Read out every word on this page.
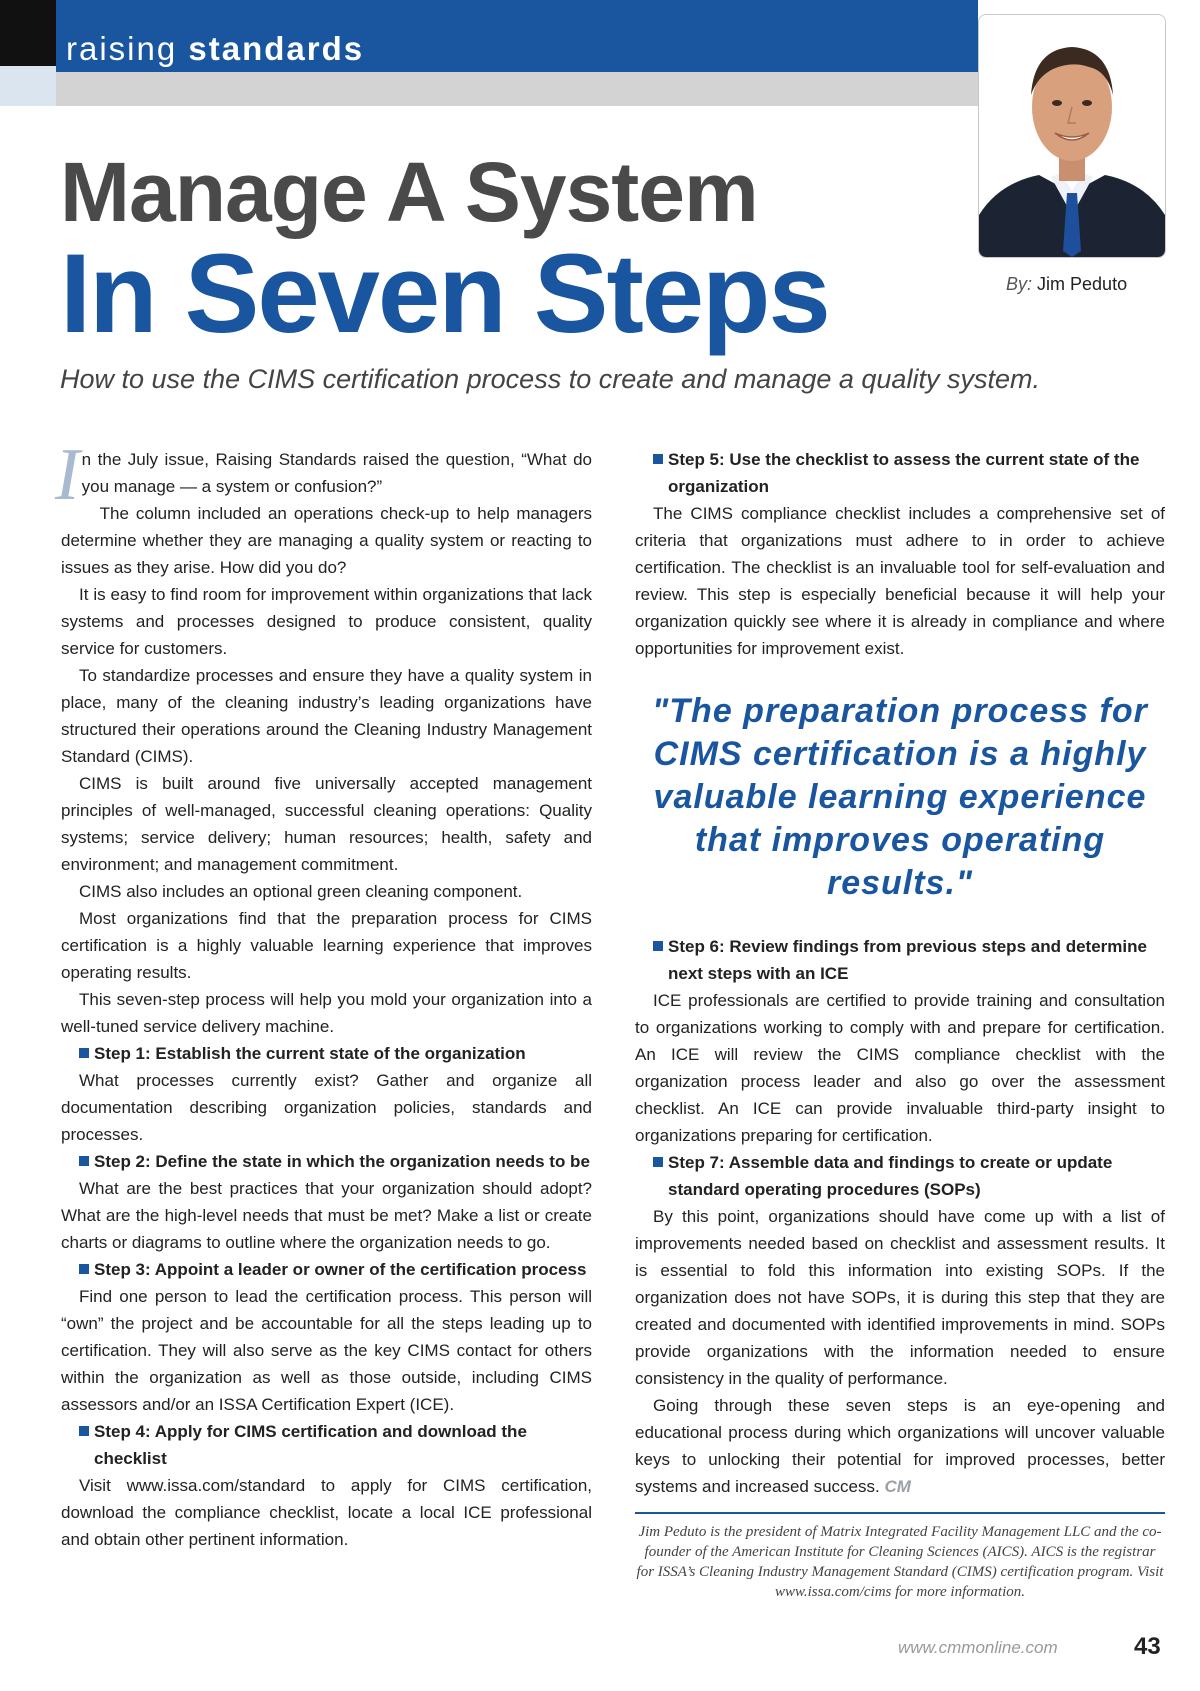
raising standards
By: Jim Peduto
Manage A System
In Seven Steps
How to use the CIMS certification process to create and manage a quality system.

In the July issue, Raising Standards raised the question, “What do you manage — a system or confusion?”

The column included an operations check-up to help managers determine whether they are managing a quality system or reacting to issues as they arise. How did you do?

It is easy to find room for improvement within organizations that lack systems and processes designed to produce consistent, quality service for customers.

To standardize processes and ensure they have a quality system in place, many of the cleaning industry’s leading organizations have structured their operations around the Cleaning Industry Management Standard (CIMS).

CIMS is built around five universally accepted management principles of well-managed, successful cleaning operations: Quality systems; service delivery; human resources; health, safety and environment; and management commitment.

CIMS also includes an optional green cleaning component.

Most organizations find that the preparation process for CIMS certification is a highly valuable learning experience that improves operating results.

This seven-step process will help you mold your organization into a well-tuned service delivery machine.

Step 1: Establish the current state of the organization

What processes currently exist? Gather and organize all documentation describing organization policies, standards and processes.

Step 2: Define the state in which the organization needs to be

What are the best practices that your organization should adopt? What are the high-level needs that must be met? Make a list or create charts or diagrams to outline where the organization needs to go.

Step 3: Appoint a leader or owner of the certification process

Find one person to lead the certification process. This person will “own” the project and be accountable for all the steps leading up to certification. They will also serve as the key CIMS contact for others within the organization as well as those outside, including CIMS assessors and/or an ISSA Certification Expert (ICE).

Step 4: Apply for CIMS certification and download the checklist

Visit www.issa.com/standard to apply for CIMS certification, download the compliance checklist, locate a local ICE professional and obtain other pertinent information.

Step 5: Use the checklist to assess the current state of the organization

The CIMS compliance checklist includes a comprehensive set of criteria that organizations must adhere to in order to achieve certification. The checklist is an invaluable tool for self-evaluation and review. This step is especially beneficial because it will help your organization quickly see where it is already in compliance and where opportunities for improvement exist.

"The preparation process for CIMS certification is a highly valuable learning experience that improves operating results."
Step 6: Review findings from previous steps and determine next steps with an ICE

ICE professionals are certified to provide training and consultation to organizations working to comply with and prepare for certification. An ICE will review the CIMS compliance checklist with the organization process leader and also go over the assessment checklist. An ICE can provide invaluable third-party insight to organizations preparing for certification.

Step 7: Assemble data and findings to create or update standard operating procedures (SOPs)

By this point, organizations should have come up with a list of improvements needed based on checklist and assessment results. It is essential to fold this information into existing SOPs. If the organization does not have SOPs, it is during this step that they are created and documented with identified improvements in mind. SOPs provide organizations with the information needed to ensure consistency in the quality of performance.

Going through these seven steps is an eye-opening and educational process during which organizations will uncover valuable keys to unlocking their potential for improved processes, better systems and increased success. CM

Jim Peduto is the president of Matrix Integrated Facility Management LLC and the co-founder of the American Institute for Cleaning Sciences (AICS). AICS is the registrar for ISSA’s Cleaning Industry Management Standard (CIMS) certification program. Visit www.issa.com/cims for more information.
www.cmmonline.com	43
